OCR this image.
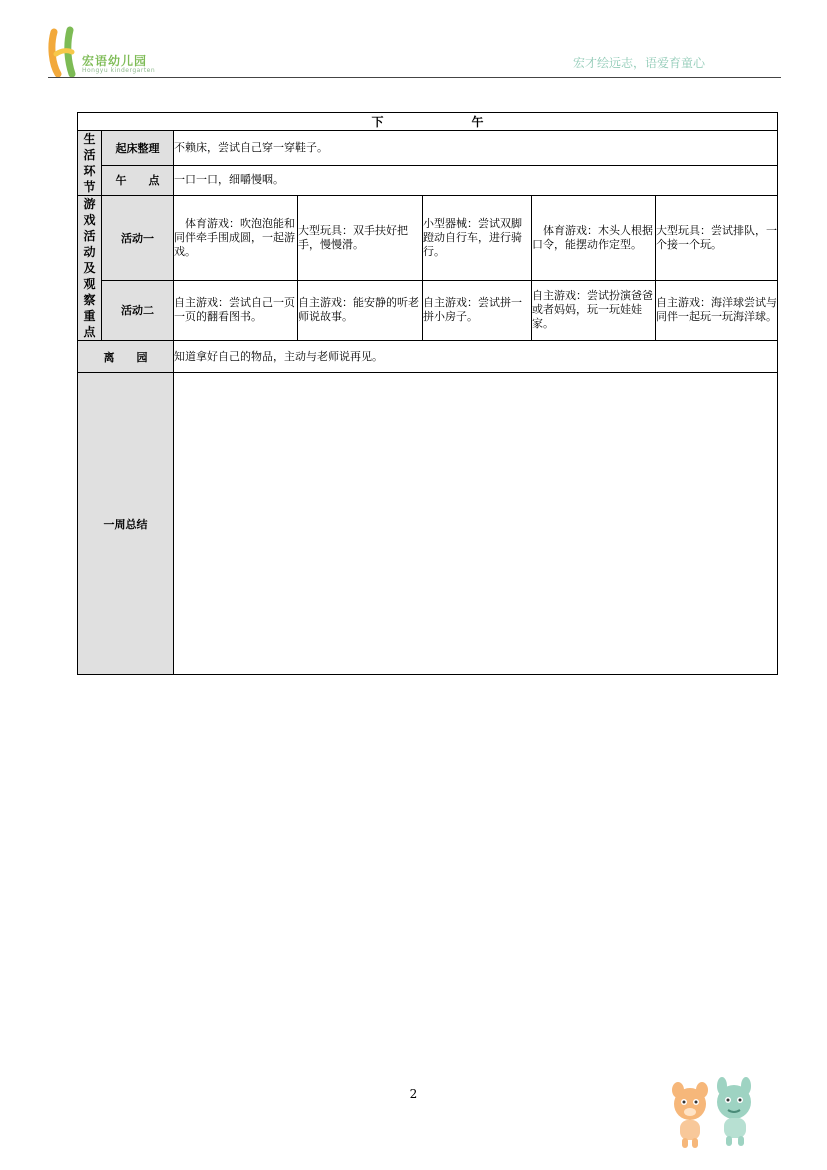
宏语幼儿园
Hongyu kindergarten
宏才绘远志，语爱育童心
下 午						
生活环节	起床整理	不赖床，尝试自己穿一穿鞋子。				
	午　　点	一口一口，细嚼慢咽。				

游戏活动及观察重点	活动一	　体育游戏：吹泡泡能和同伴牵手围成圆，一起游戏。	大型玩具：双手扶好把手，慢慢滑。	小型器械：尝试双脚蹬动自行车，进行骑行。	　体育游戏：木头人根据口令，能摆动作定型。	大型玩具：尝试排队，一个接一个玩。
	活动二	自主游戏：尝试自己一页一页的翻看图书。	自主游戏：能安静的听老师说故事。	自主游戏：尝试拼一拼小房子。	自主游戏：尝试扮演爸爸或者妈妈，玩一玩娃娃家。	自主游戏：海洋球尝试与同伴一起玩一玩海洋球。
离　　园		知道拿好自己的物品，主动与老师说再见。				
一周总结						
2
